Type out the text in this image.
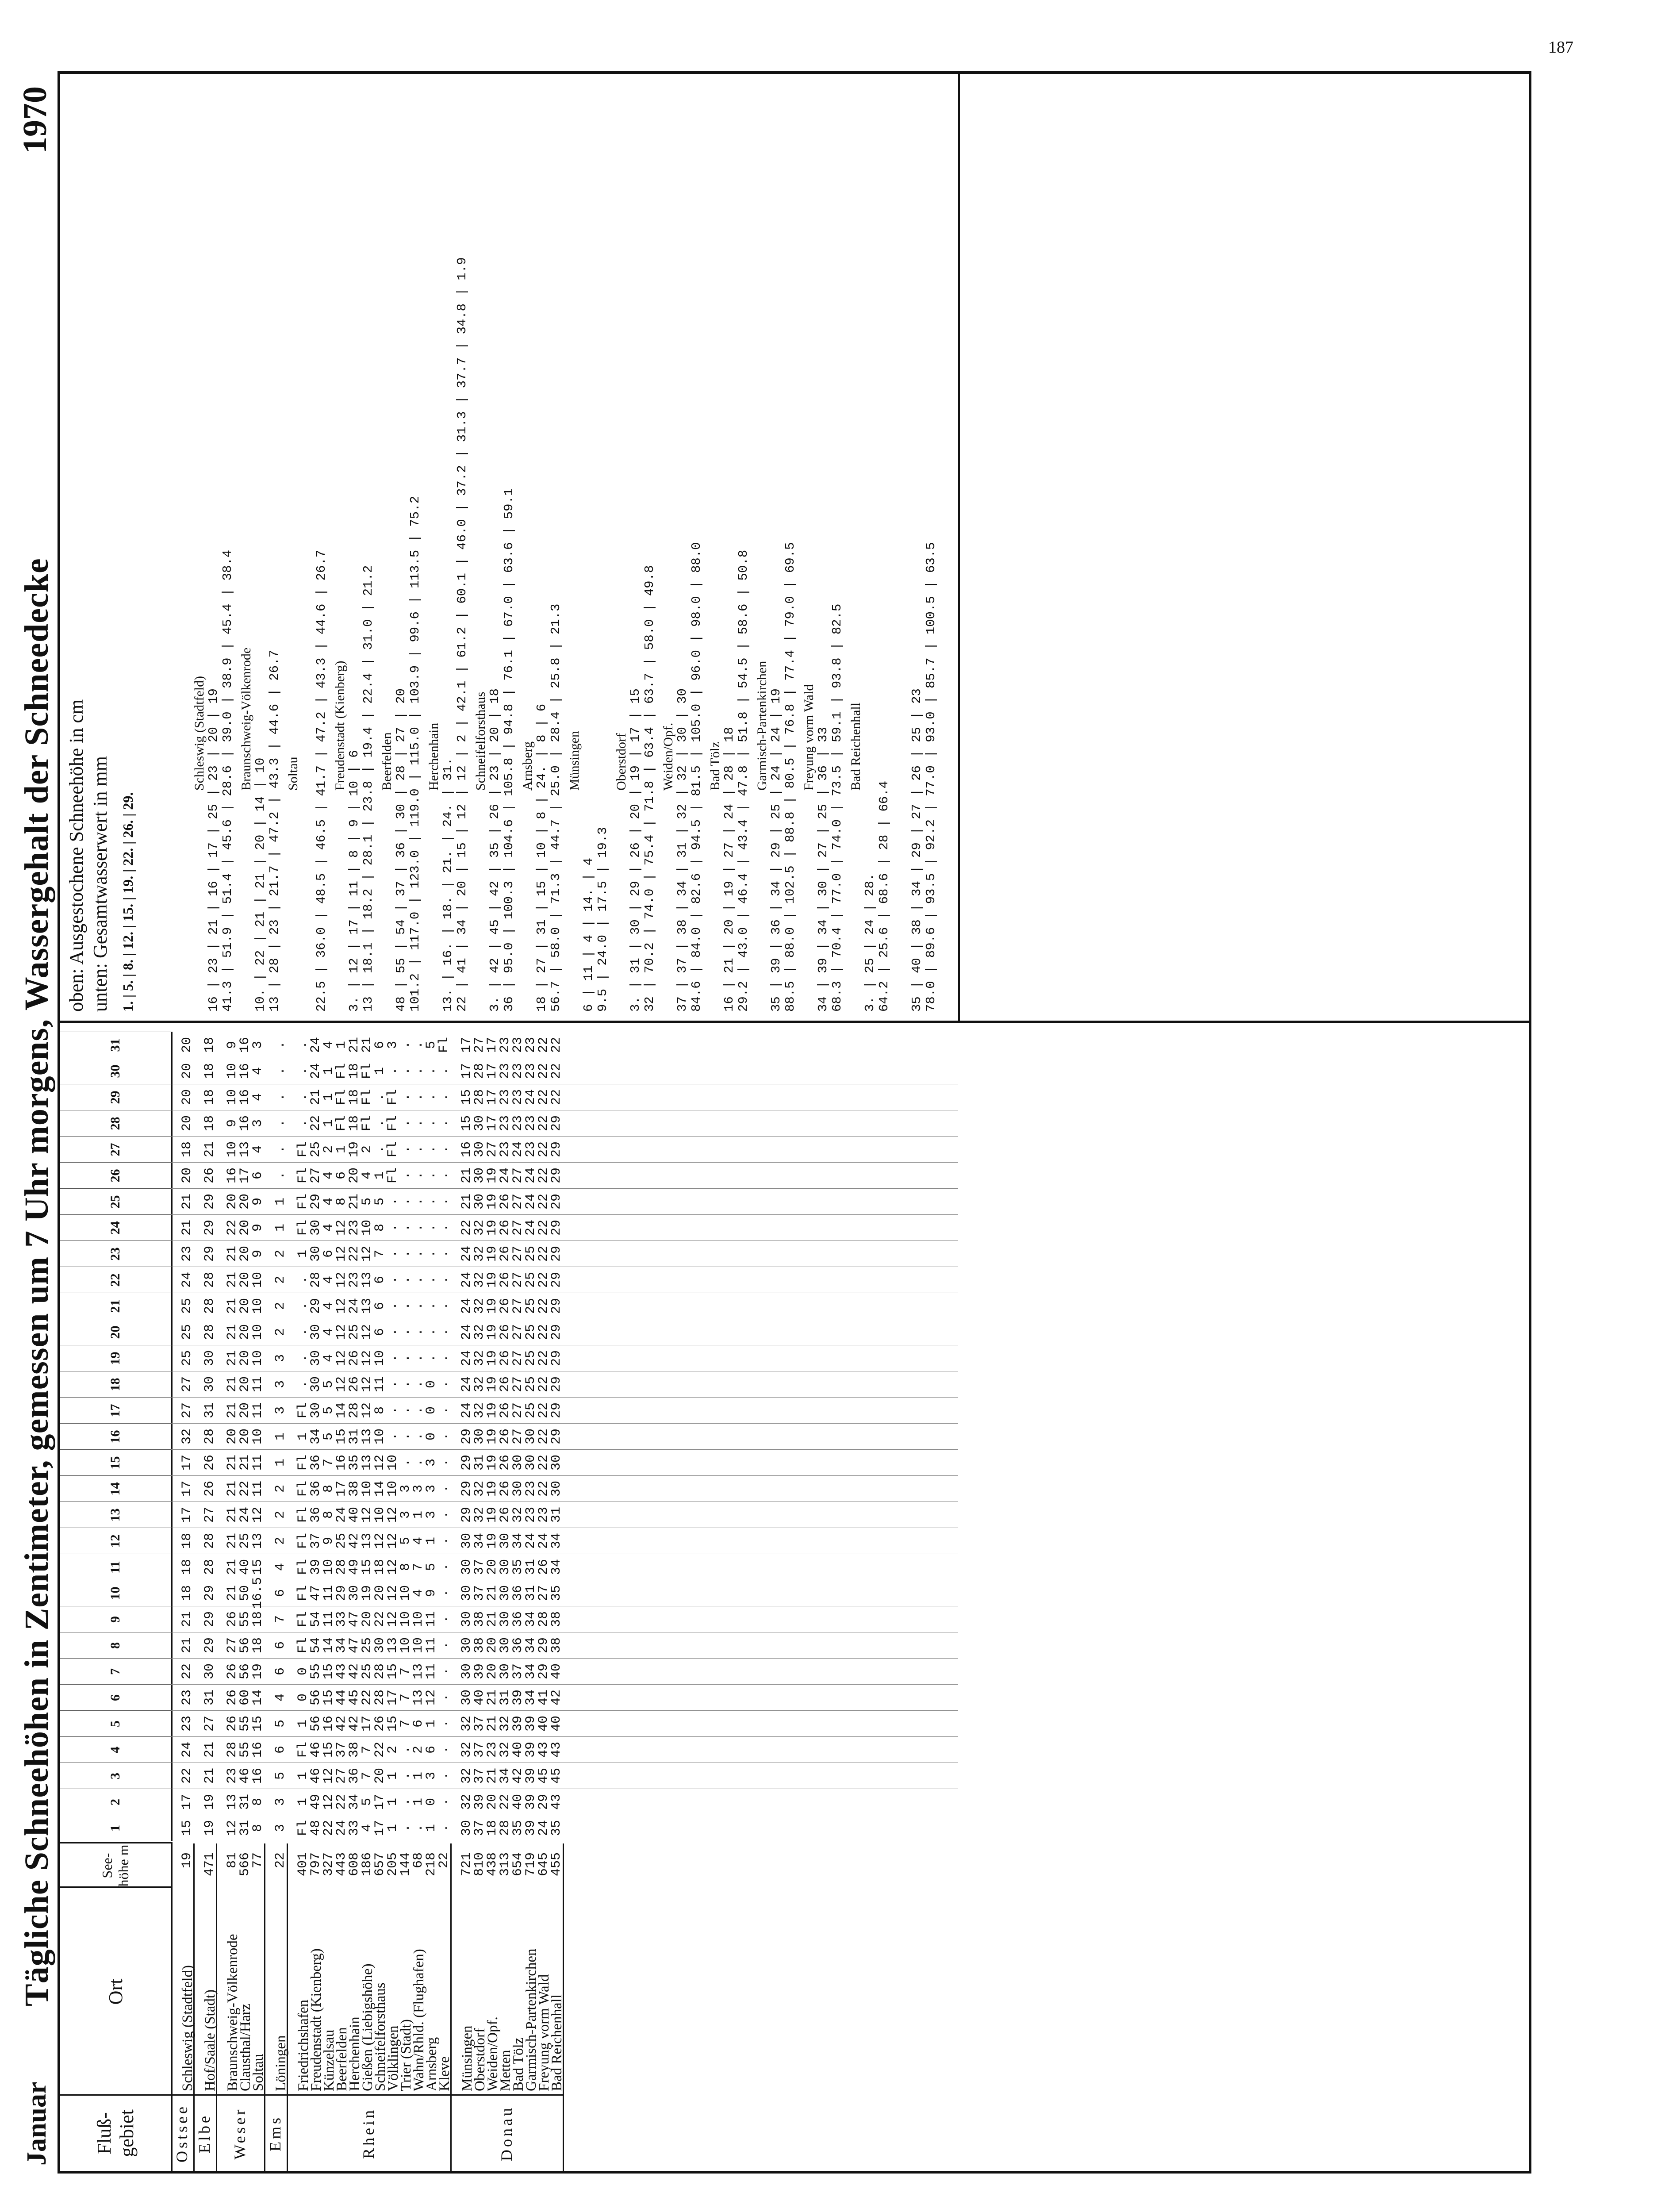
187
Januar
Tägliche Schneehöhen in Zentimeter, gemessen um 7 Uhr morgens, Wassergehalt der Schneedecke
1970
Fluß-gebiet
Ort
See-höhe m
1
2
3
4
5
6
7
8
9
10
11
12
13
14
15
16
17
18
19
20
21
22
23
24
25
26
27
28
29
30
31
Schleswig (Stadtfeld)
19
15
17
22
24
23
23
22
21
21
18
18
18
17
17
17
32
27
27
25
25
25
24
23
21
21
20
18
20
20
20
20
Ostsee
Hof/Saale (Stadt)
471
19
19
21
21
27
31
30
29
29
29
28
28
27
26
26
28
31
30
30
28
28
28
29
29
29
26
21
18
18
18
18
Elbe
Braunschweig-Völkenrode
81
12
13
23
28
26
26
26
27
26
21
21
21
21
21
21
20
21
21
21
21
21
21
21
22
20
16
10
9
10
10
9
Clausthal/Harz
566
31
31
46
55
55
60
56
56
55
50
40
25
24
22
21
20
20
20
20
20
20
20
20
20
20
17
13
16
16
16
16
Soltau
77
8
8
16
16
15
14
19
18
18
16.5
15
13
12
11
11
10
11
11
10
10
10
10
9
9
9
6
4
3
4
4
3
Weser
Löningen
22
3
3
5
6
5
4
6
6
7
6
4
2
2
2
1
1
3
3
3
2
2
2
2
1
1
.
.
.
.
.
.
Ems
Friedrichshafen
401
Fl
1
1
Fl
1
0
0
Fl
Fl
Fl
Fl
Fl
Fl
Fl
Fl
1
Fl
.
.
.
.
.
1
Fl
Fl
Fl
Fl
.
.
.
.
Freudenstadt (Kienberg)
797
48
49
46
46
56
56
55
54
54
47
39
37
36
36
36
34
30
30
30
30
29
28
30
30
29
27
25
22
21
24
24
Künzelsau
327
22
12
12
15
16
15
15
14
11
11
10
9
8
8
7
5
5
5
4
4
4
4
6
4
4
4
2
1
1
1
4
Beerfelden
443
24
22
27
37
42
44
43
34
33
29
28
25
24
17
16
15
14
12
12
12
12
12
12
12
8
6
1
Fl
Fl
Fl
1
Herchenhain
608
33
34
36
38
42
45
42
47
47
30
49
42
40
38
35
31
28
26
26
25
24
23
22
23
21
20
19
18
18
18
21
Gießen (Liebigshöhe)
186
4
5
7
7
17
22
25
25
20
19
15
13
12
10
13
13
12
12
12
12
13
13
12
10
5
4
2
Fl
Fl
Fl
21
Schneifelforsthaus
657
17
17
20
22
26
28
28
30
22
20
18
12
10
14
12
10
8
11
10
6
6
6
7
8
5
1
.
.
.
1
6
Völklingen
205
1
1
1
2
15
17
15
13
12
12
12
12
12
10
10
.
.
.
.
.
.
.
.
.
.
Fl
Fl
Fl
Fl
.
3
Trier (Stadt)
144
.
.
.
.
7
7
7
10
10
10
8
5
3
3
.
.
.
.
.
.
.
.
.
.
.
.
.
.
.
.
.
Wahn/Rhld. (Flughafen)
68
.
1
1
2
6
13
13
10
10
4
7
4
1
3
.
.
.
.
.
.
.
.
.
.
.
.
.
.
.
.
.
Arnsberg
218
1
0
3
6
1
12
11
11
11
9
5
1
3
3
3
0
0
0
.
.
.
.
.
.
.
.
.
.
.
.
5
Kleve
22
.
.
.
.
.
.
.
.
.
.
.
.
.
.
.
.
.
.
.
.
.
.
.
.
.
.
.
.
.
.
Fl
Rhein
Münsingen
721
30
32
32
32
32
30
30
30
30
30
30
30
29
29
29
29
24
24
24
24
24
24
24
22
21
21
16
15
15
17
17
Oberstdorf
810
37
39
37
37
37
40
39
38
38
37
37
34
32
32
31
30
32
32
32
32
32
32
32
32
30
30
30
30
28
28
27
Weiden/Opf.
438
18
20
21
23
21
21
20
20
21
21
20
19
19
19
19
19
19
19
19
19
19
19
19
19
19
19
27
17
17
17
17
Metten
313
28
22
34
32
32
31
30
30
30
30
30
30
26
26
26
26
26
26
26
26
26
26
26
26
26
24
23
23
23
23
23
Bad Tölz
654
35
40
42
40
39
39
37
36
36
36
35
34
32
30
30
27
27
27
27
27
27
27
27
27
27
27
24
23
23
23
23
Garmisch-Partenkirchen
719
39
39
39
39
39
34
34
34
34
31
31
24
23
23
30
30
25
25
25
25
25
25
25
24
24
24
23
23
24
23
23
Freyung vorm Wald
645
24
29
45
43
40
41
29
29
28
27
26
24
23
22
22
22
22
22
22
22
22
22
22
22
22
22
22
22
22
22
22
Bad Reichenhall
455
35
43
45
43
40
42
40
38
38
35
34
34
31
30
30
29
29
29
29
29
29
29
29
29
29
29
29
29
22
22
22
Donau
oben: Ausgestochene Schneehöhe in cm unten: Gesamtwasserwert in mm 1. | 5. | 8. | 12. | 15. | 19. | 22. | 26. | 29.
Schleswig (Stadtfeld) 16 | 23 | 21 | 16 | 17 | 25 | 23 | 20 | 19 41.3 | 51.9 | 51.4 | 45.6 | 28.6 | 39.0 | 38.9 | 45.4 | 38.4 Braunschweig-Völkenrode
10. | 22 | 21 | 21 | 20 | 14 | 10 13 | 28 | 23 | 21.7 | 47.2 | 43.3 | 44.6 | 26.7 Soltau 22.5 | 36.0 | 48.5 | 46.5 | 41.7 | 47.2 | 43.3 | 44.6 | 26.7 Freudenstadt (Kienberg)
3. | 12 | 17 | 11 | 8 | 9 | 10 | 6 13 | 18.1 | 18.2 | 28.1 | 23.8 | 19.4 | 22.4 | 31.0 | 21.2 Beerfelden 48 | 55 | 54 | 37 | 36 | 30 | 28 | 27 | 20 101.2 | 117.0 | 123.0 | 119.0 | 115.0 | 103.9 | 99.6 | 113.5 | 75.2 Herchenhain
13. | 16. | 18. | 21. | 24. | 31. 22 | 41 | 34 | 20 | 15 | 12 | 12 | 2 | 42.1 | 61.2 | 60.1 | 46.0 | 37.2 | 31.3 | 37.7 | 34.8 | 1.9 Schneifelforsthaus 3. | 42 | 45 | 42 | 35 | 26 | 23 | 20 | 18 36 | 95.0 | 100.3 | 104.6 | 105.8 | 94.8 | 76.1 | 67.0 | 63.6 | 59.1 Arnsberg 18 | 27 | 31 | 15 | 10 | 8 | 24. | 8 | 6 56.7 | 58.0 | 71.3 | 44.7 | 25.0 | 28.4 | 25.8 | 21.3 Münsingen
6 | 11 | 4 | 14. | 4 9.5 | 24.0 | 17.5 | 19.3
Oberstdorf 3. | 31 | 30 | 29 | 26 | 20 | 19 | 17 | 15 32 | 70.2 | 74.0 | 75.4 | 71.8 | 63.4 | 63.7 | 58.0 | 49.8 Weiden/Opf. 37 | 37 | 38 | 34 | 31 | 32 | 32 | 30 | 30 84.6 | 84.0 | 82.6 | 94.5 | 81.5 | 105.0 | 96.0 | 98.0 | 88.0 Bad Tölz 16 | 21 | 20 | 19 | 27 | 24 | 28 | 18 29.2 | 43.0 | 46.4 | 43.4 | 47.8 | 51.8 | 54.5 | 58.6 | 50.8 Garmisch-Partenkirchen 35 | 39 | 36 | 34 | 29 | 25 | 24 | 24 | 19 88.5 | 88.0 | 102.5 | 88.8 | 80.5 | 76.8 | 77.4 | 79.0 | 69.5 Freyung vorm Wald 34 | 39 | 34 | 30 | 27 | 25 | 36 | 33 68.3 | 70.4 | 77.0 | 74.0 | 73.5 | 59.1 | 93.8 | 82.5 Bad Reichenhall
3. | 25 | 24 | 28. 64.2 | 25.6 | 68.6 | 28 | 66.4 35 | 40 | 38 | 34 | 29 | 27 | 26 | 25 | 23 78.0 | 89.6 | 93.5 | 92.2 | 77.0 | 93.0 | 85.7 | 100.5 | 63.5
